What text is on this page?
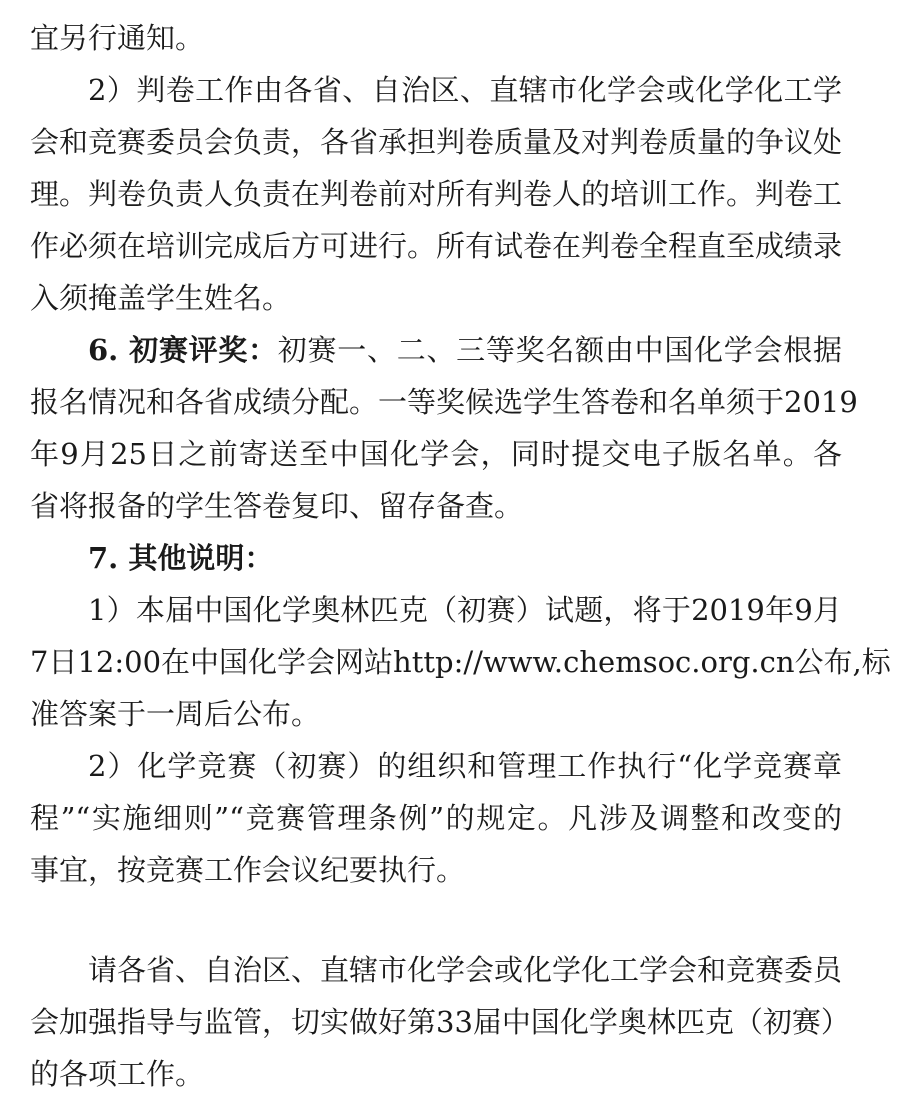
宜另行通知。
2）判卷工作由各省、自治区、直辖市化学会或化学化工学
会和竞赛委员会负责，各省承担判卷质量及对判卷质量的争议处
理。判卷负责人负责在判卷前对所有判卷人的培训工作。判卷工
作必须在培训完成后方可进行。所有试卷在判卷全程直至成绩录
入须掩盖学生姓名。
6. 初赛评奖：初赛一、二、三等奖名额由中国化学会根据
报名情况和各省成绩分配。一等奖候选学生答卷和名单须于2019
年9月25日之前寄送至中国化学会，同时提交电子版名单。各
省将报备的学生答卷复印、留存备查。
7. 其他说明：
1）本届中国化学奥林匹克（初赛）试题，将于2019年9月
7日12:00在中国化学会网站http://www.chemsoc.org.cn公布,标
准答案于一周后公布。
2）化学竞赛（初赛）的组织和管理工作执行“化学竞赛章
程”“实施细则”“竞赛管理条例”的规定。凡涉及调整和改变的
事宜，按竞赛工作会议纪要执行。
请各省、自治区、直辖市化学会或化学化工学会和竞赛委员
会加强指导与监管，切实做好第33届中国化学奥林匹克（初赛）
的各项工作。
